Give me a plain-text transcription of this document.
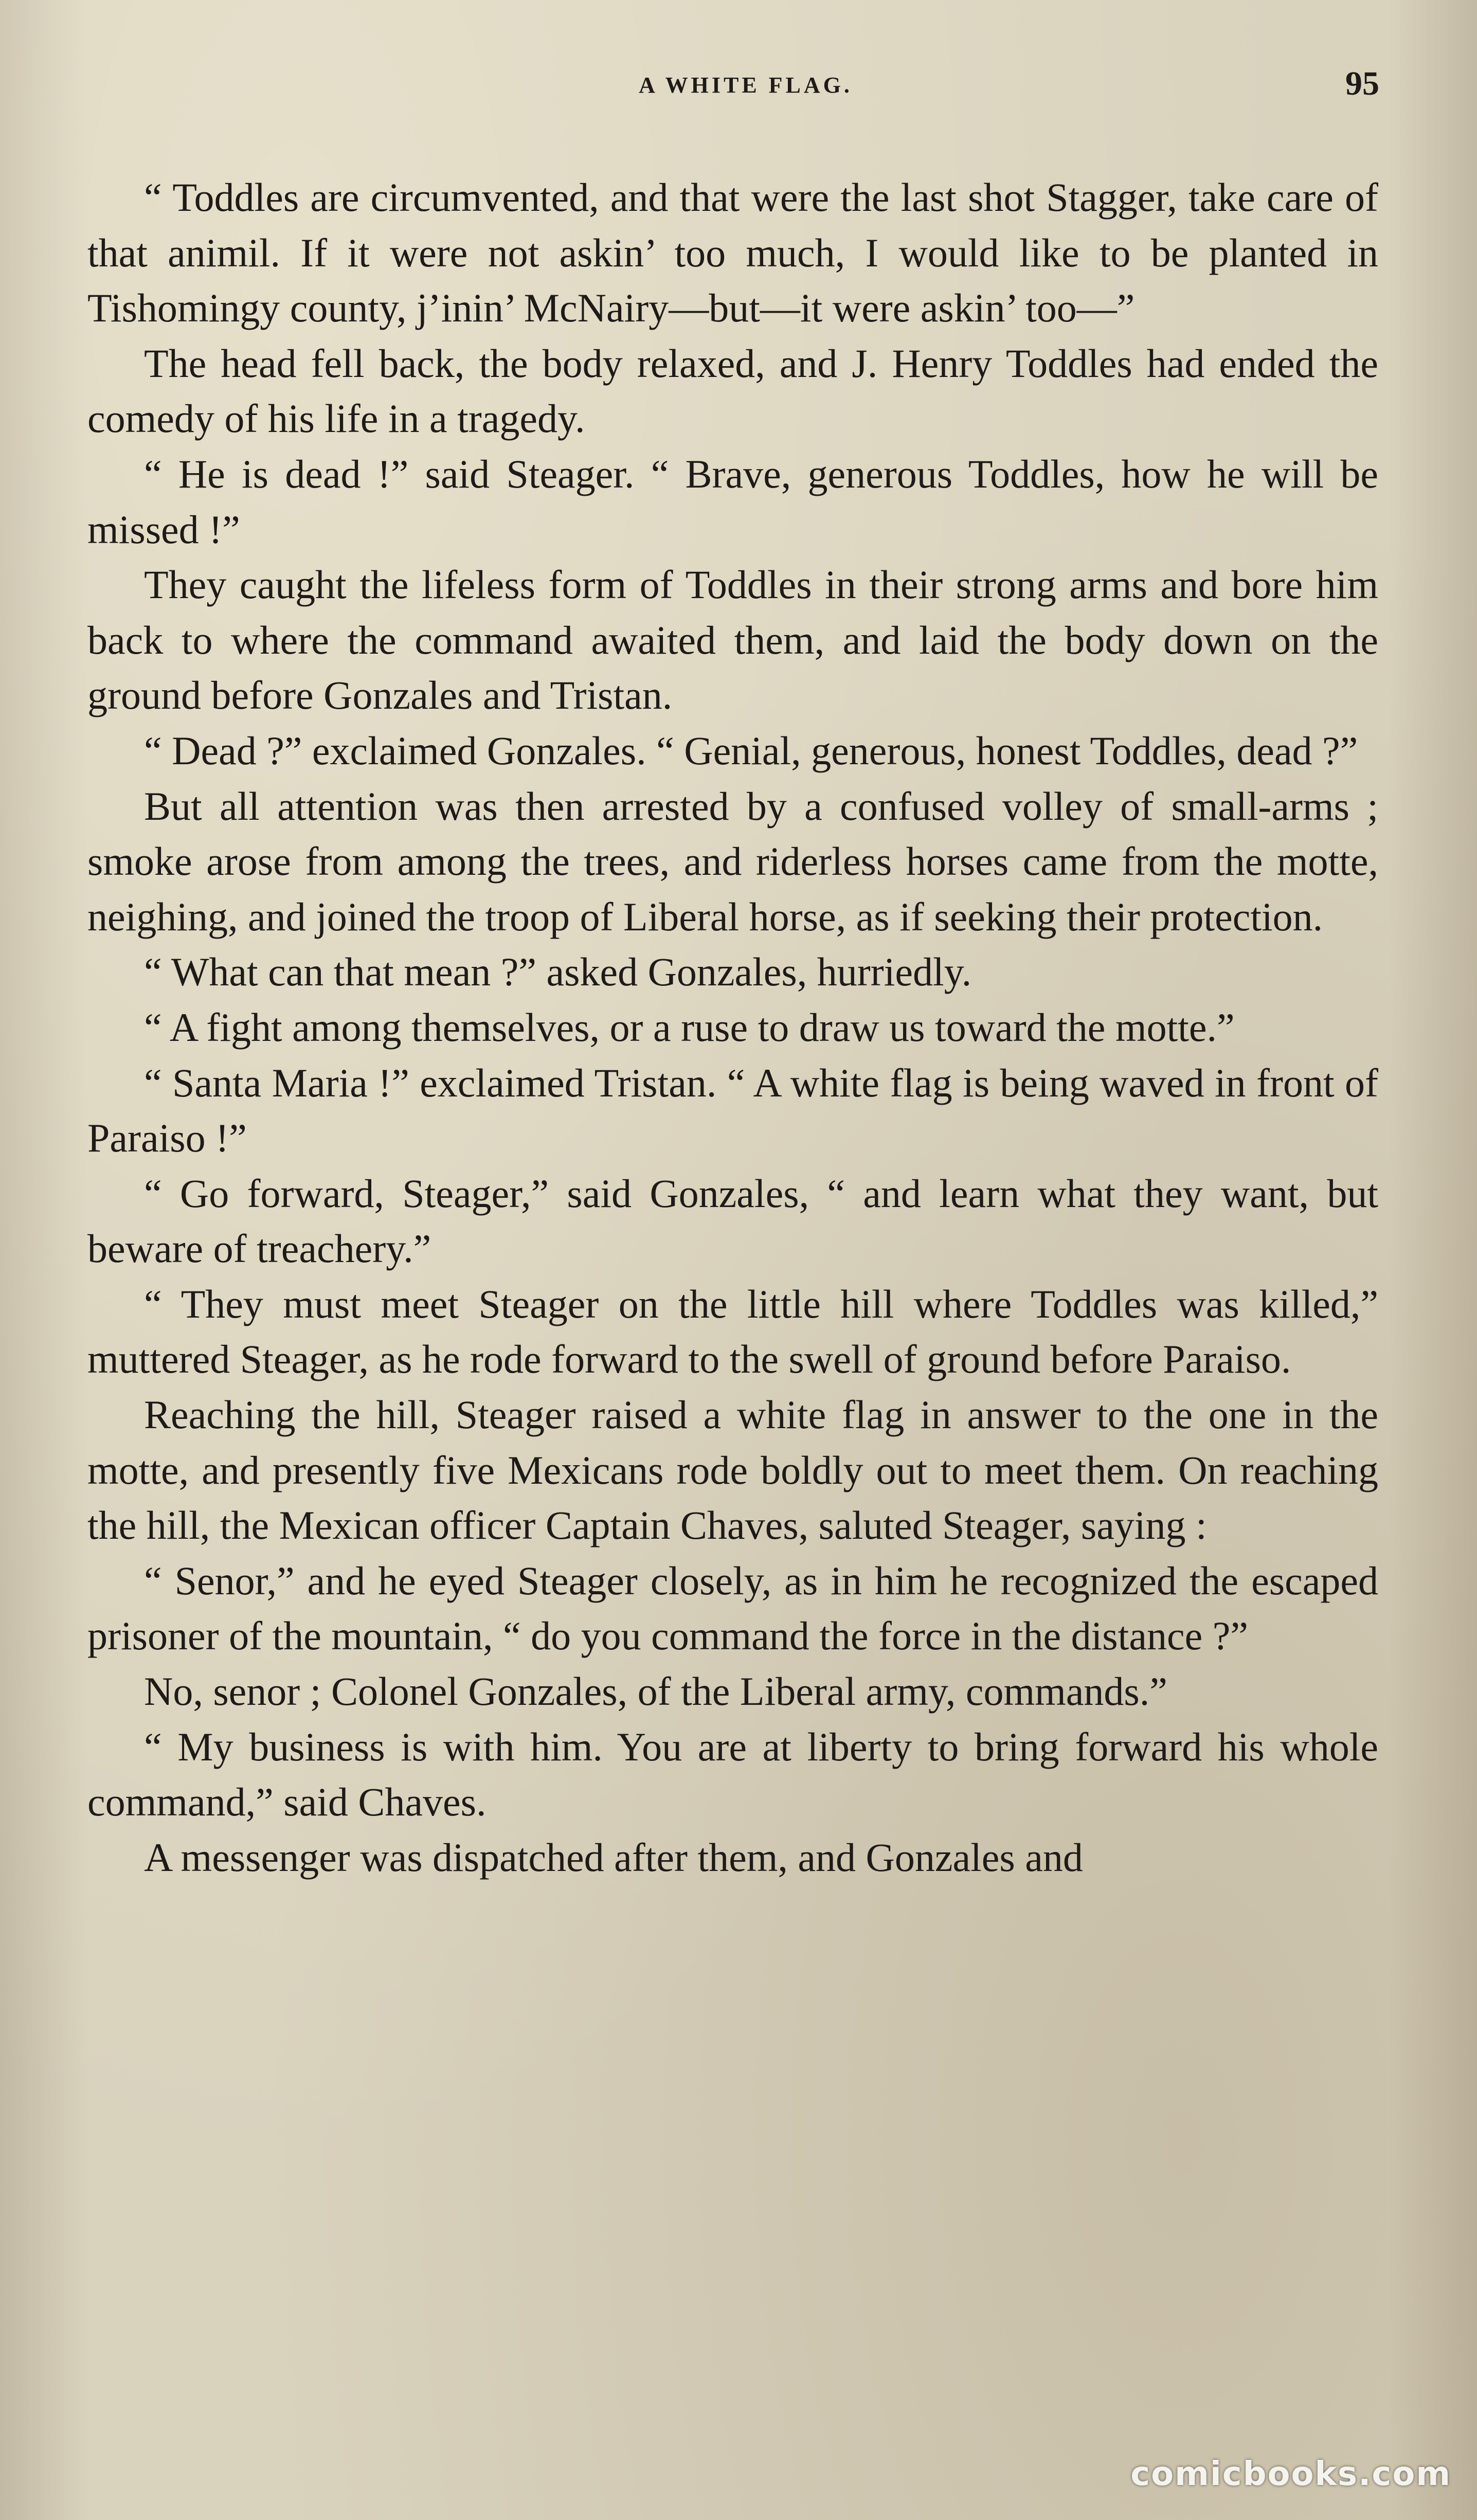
A WHITE FLAG.	95

“ Toddles are circumvented, and that were the last shot Stagger, take care of that animil. If it were not askin’ too much, I would like to be planted in Tishomingy county, j’inin’ McNairy—but—it were askin’ too—”

The head fell back, the body relaxed, and J. Henry Toddles had ended the comedy of his life in a tragedy.

“ He is dead !” said Steager. “ Brave, generous Toddles, how he will be missed !”

They caught the lifeless form of Toddles in their strong arms and bore him back to where the command awaited them, and laid the body down on the ground before Gonzales and Tristan.

“ Dead ?” exclaimed Gonzales. “ Genial, generous, honest Toddles, dead ?”

But all attention was then arrested by a confused volley of small-arms ; smoke arose from among the trees, and riderless horses came from the motte, neighing, and joined the troop of Liberal horse, as if seeking their protection.

“ What can that mean ?” asked Gonzales, hurriedly.

“ A fight among themselves, or a ruse to draw us toward the motte.”

“ Santa Maria !” exclaimed Tristan. “ A white flag is being waved in front of Paraiso !”

“ Go forward, Steager,” said Gonzales, “ and learn what they want, but beware of treachery.”

“ They must meet Steager on the little hill where Toddles was killed,” muttered Steager, as he rode forward to the swell of ground before Paraiso.

Reaching the hill, Steager raised a white flag in answer to the one in the motte, and presently five Mexicans rode boldly out to meet them. On reaching the hill, the Mexican officer Captain Chaves, saluted Steager, saying :

“ Senor,” and he eyed Steager closely, as in him he recognized the escaped prisoner of the mountain, “ do you command the force in the distance ?”

No, senor ; Colonel Gonzales, of the Liberal army, commands.”

“ My business is with him. You are at liberty to bring forward his whole command,” said Chaves.

A messenger was dispatched after them, and Gonzales and

comicbooks.com
